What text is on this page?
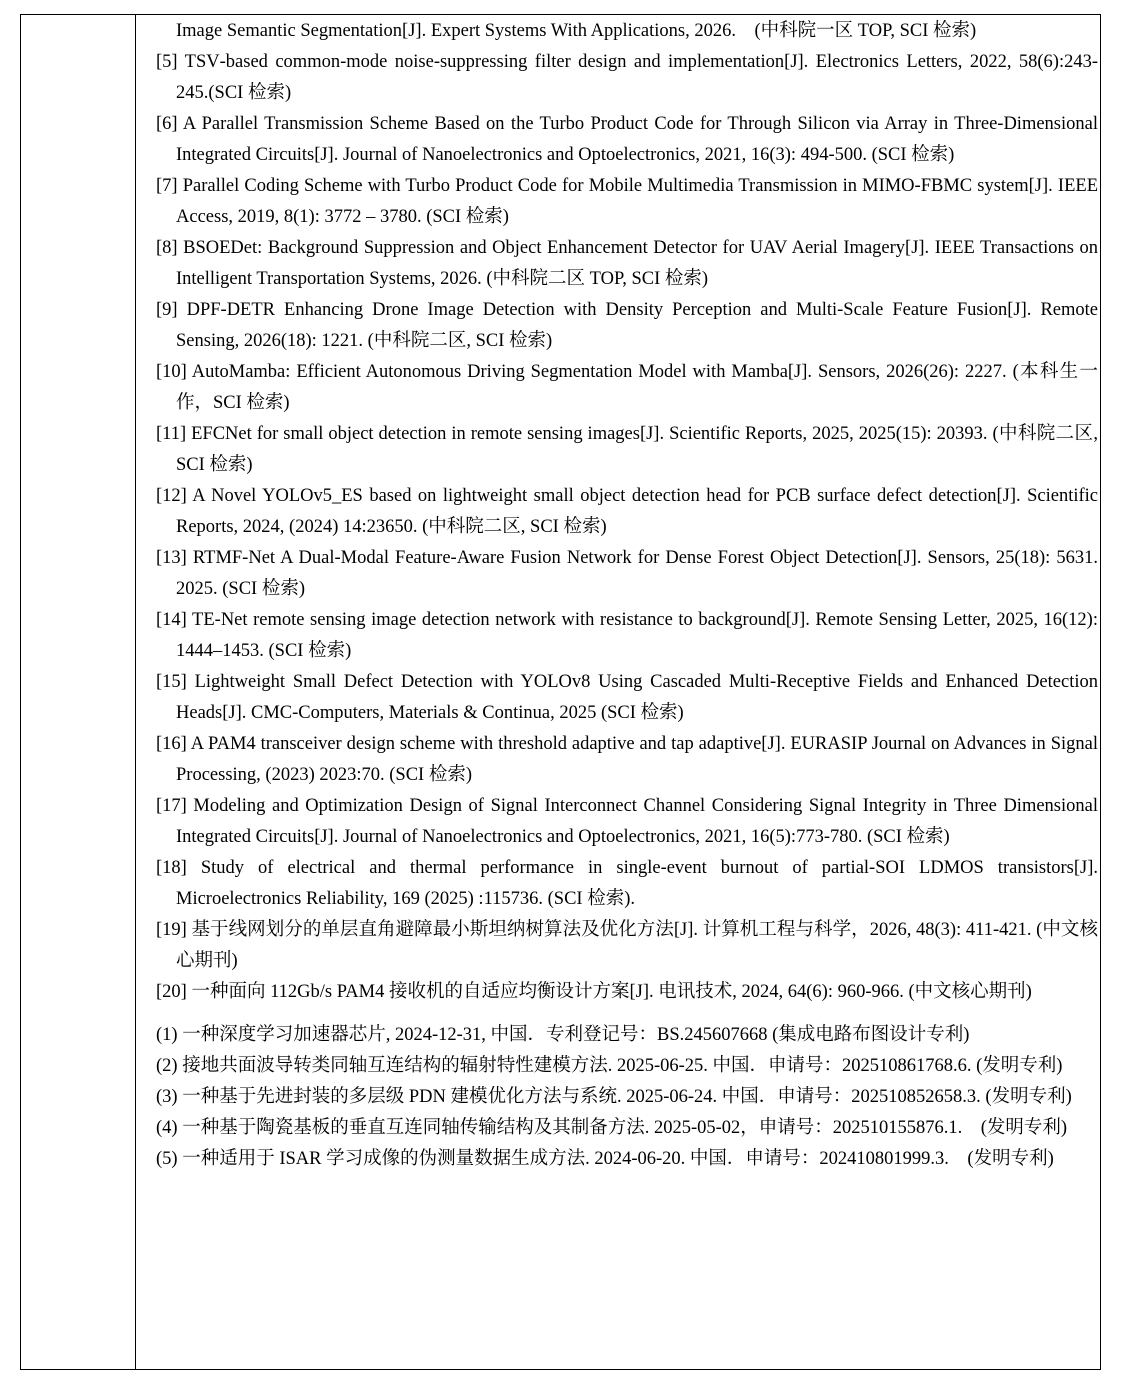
Image Semantic Segmentation[J]. Expert Systems With Applications, 2026.　(中科院一区 TOP, SCI 检索)

[5] TSV‐based common‐mode noise‐suppressing filter design and implementation[J]. Electronics Letters, 2022, 58(6):243-245.(SCI 检索)

[6] A Parallel Transmission Scheme Based on the Turbo Product Code for Through Silicon via Array in Three-Dimensional Integrated Circuits[J]. Journal of Nanoelectronics and Optoelectronics, 2021, 16(3): 494-500. (SCI 检索)

[7] Parallel Coding Scheme with Turbo Product Code for Mobile Multimedia Transmission in MIMO-FBMC system[J]. IEEE Access, 2019, 8(1): 3772 – 3780. (SCI 检索)

[8] BSOEDet: Background Suppression and Object Enhancement Detector for UAV Aerial Imagery[J]. IEEE Transactions on Intelligent Transportation Systems, 2026. (中科院二区 TOP, SCI 检索)

[9] DPF-DETR Enhancing Drone Image Detection with Density Perception and Multi-Scale Feature Fusion[J]. Remote Sensing, 2026(18): 1221. (中科院二区, SCI 检索)

[10] AutoMamba: Efficient Autonomous Driving Segmentation Model with Mamba[J]. Sensors, 2026(26): 2227. (本科生一作，SCI 检索)

[11] EFCNet for small object detection in remote sensing images[J]. Scientific Reports, 2025, 2025(15): 20393. (中科院二区, SCI 检索)

[12] A Novel YOLOv5_ES based on lightweight small object detection head for PCB surface defect detection[J]. Scientific Reports, 2024, (2024) 14:23650. (中科院二区, SCI 检索)

[13] RTMF-Net A Dual-Modal Feature-Aware Fusion Network for Dense Forest Object Detection[J]. Sensors, 25(18): 5631. 2025. (SCI 检索)

[14] TE-Net remote sensing image detection network with resistance to background[J]. Remote Sensing Letter, 2025, 16(12): 1444–1453. (SCI 检索)

[15] Lightweight Small Defect Detection with YOLOv8 Using Cascaded Multi-Receptive Fields and Enhanced Detection Heads[J]. CMC-Computers, Materials & Continua, 2025 (SCI 检索)

[16] A PAM4 transceiver design scheme with threshold adaptive and tap adaptive[J]. EURASIP Journal on Advances in Signal Processing, (2023) 2023:70. (SCI 检索)

[17] Modeling and Optimization Design of Signal Interconnect Channel Considering Signal Integrity in Three Dimensional Integrated Circuits[J]. Journal of Nanoelectronics and Optoelectronics, 2021, 16(5):773-780. (SCI 检索)

[18] Study of electrical and thermal performance in single-event burnout of partial-SOI LDMOS transistors[J]. Microelectronics Reliability, 169 (2025) :115736. (SCI 检索).

[19] 基于线网划分的单层直角避障最小斯坦纳树算法及优化方法[J]. 计算机工程与科学，2026, 48(3): 411-421. (中文核心期刊)

[20] 一种面向 112Gb/s PAM4 接收机的自适应均衡设计方案[J]. 电讯技术, 2024, 64(6): 960-966. (中文核心期刊)

(1) 一种深度学习加速器芯片, 2024-12-31, 中国．专利登记号：BS.245607668 (集成电路布图设计专利)

(2) 接地共面波导转类同轴互连结构的辐射特性建模方法. 2025-06-25. 中国．申请号：202510861768.6. (发明专利)

(3) 一种基于先进封装的多层级 PDN 建模优化方法与系统. 2025-06-24. 中国．申请号：202510852658.3. (发明专利)

(4) 一种基于陶瓷基板的垂直互连同轴传输结构及其制备方法. 2025-05-02，申请号：202510155876.1.　(发明专利)

(5) 一种适用于 ISAR 学习成像的伪测量数据生成方法. 2024-06-20. 中国．申请号：202410801999.3.　(发明专利)
